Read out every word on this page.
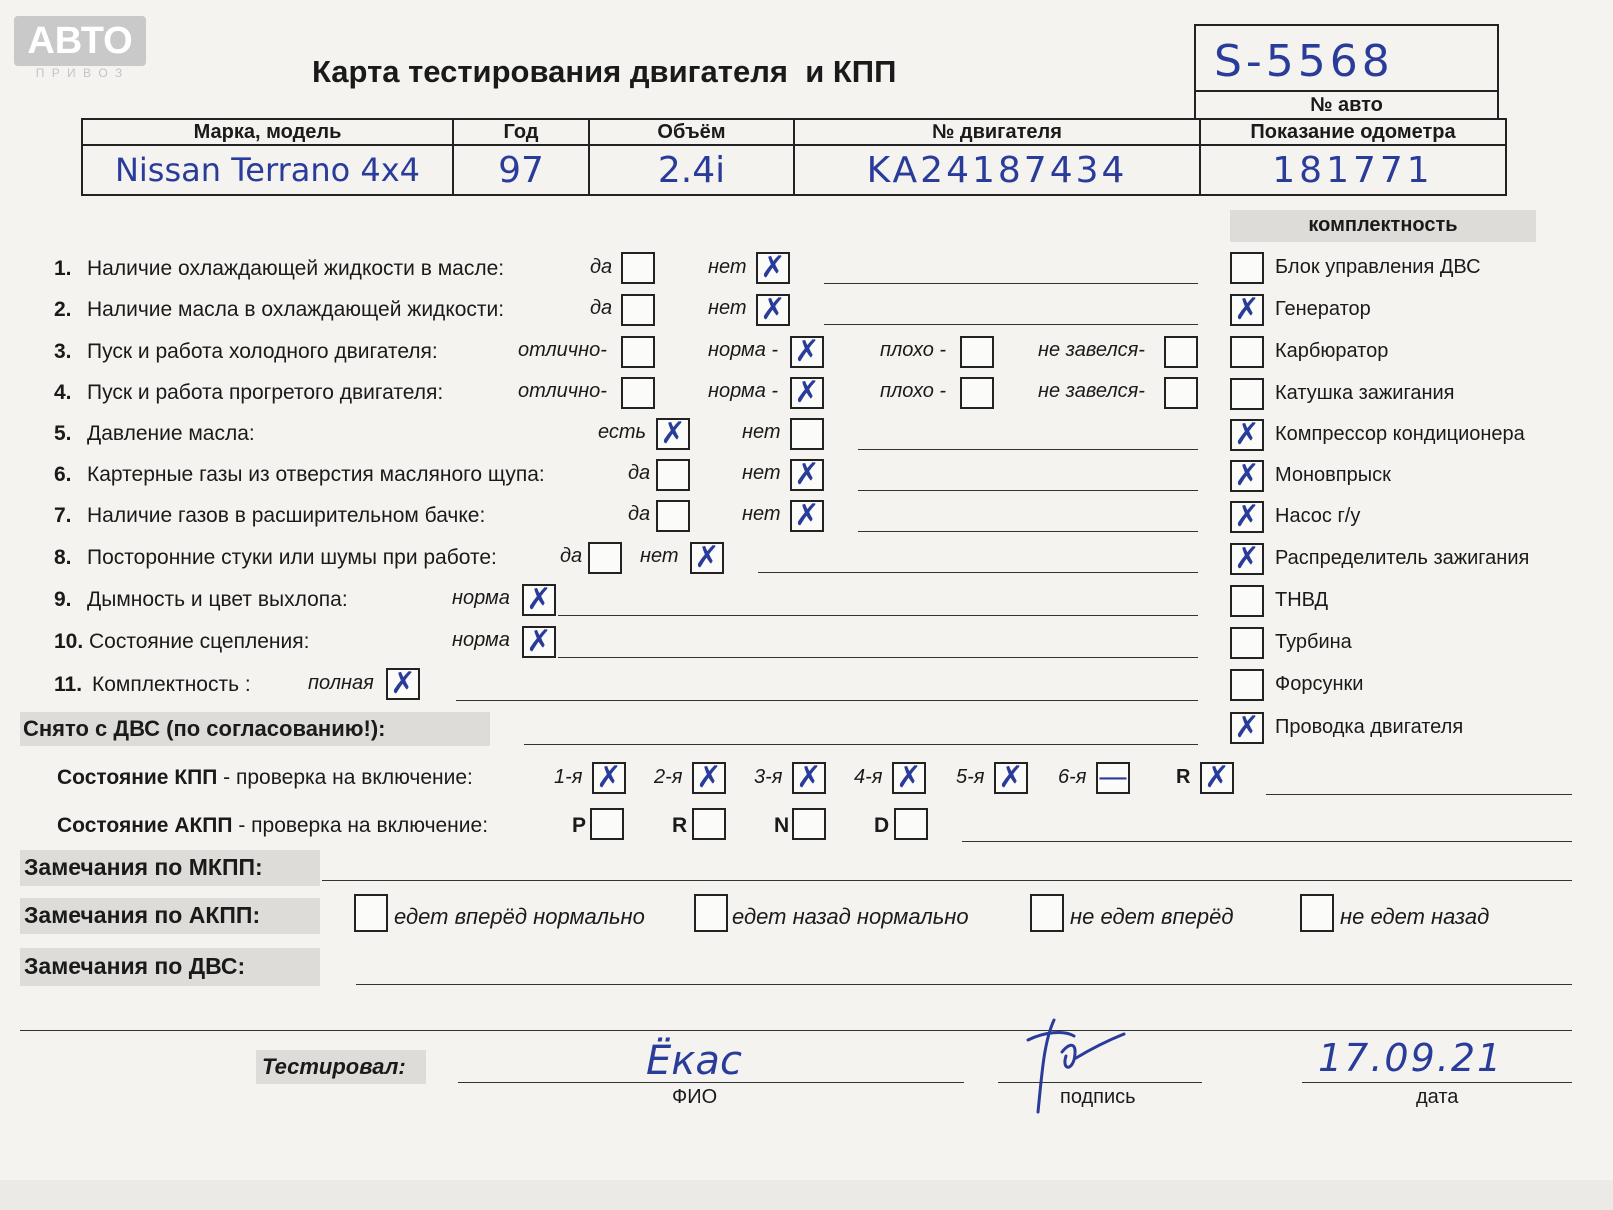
АВТО
П Р И В О З	Карта тестирования двигателя  и КПП	S-5568
№ авто
Марка, модель	Год	Объём	№ двигателя	Показание одометра
Nissan Terrano 4x4	97	2.4i	KA24187434	181771
комплектность
Блок управления ДВС
✗ Генератор
Карбюратор
Катушка зажигания
✗ Компрессор кондиционера
✗ Моновпрыск
✗ Насос г/у
✗ Распределитель зажигания
ТНВД
Турбина
Форсунки
✗ Проводка двигателя
1. Наличие охлаждающей жидкости в масле:	да	нет ✗
2. Наличие масла в охлаждающей жидкости:	да	нет ✗
3. Пуск и работа холодного двигателя:	отлично-	норма - ✗	плохо -	не завелся-
4. Пуск и работа прогретого двигателя:	отлично-	норма - ✗	плохо -	не завелся-
5. Давление масла:	есть ✗	нет
6. Картерные газы из отверстия масляного щупа:	да	нет ✗
7. Наличие газов в расширительном бачке:	да	нет ✗
8. Посторонние стуки или шумы при работе:	да	нет ✗
9. Дымность и цвет выхлопа:	норма ✗
10. Состояние сцепления:	норма ✗
11. Комплектность :	полная ✗
Снято с ДВС (по согласованию!):
Состояние КПП - проверка на включение:	1-я ✗ 2-я ✗ 3-я ✗ 4-я ✗ 5-я ✗ 6-я — R ✗
Состояние АКПП - проверка на включение:	P	R	N	D
Замечания по МКПП:
Замечания по АКПП:	едет вперёд нормально	едет назад нормально	не едет вперёд	не едет назад
Замечания по ДВС:
Тестировал:	Ёкас
ФИО	подпись
17.09.21
дата
